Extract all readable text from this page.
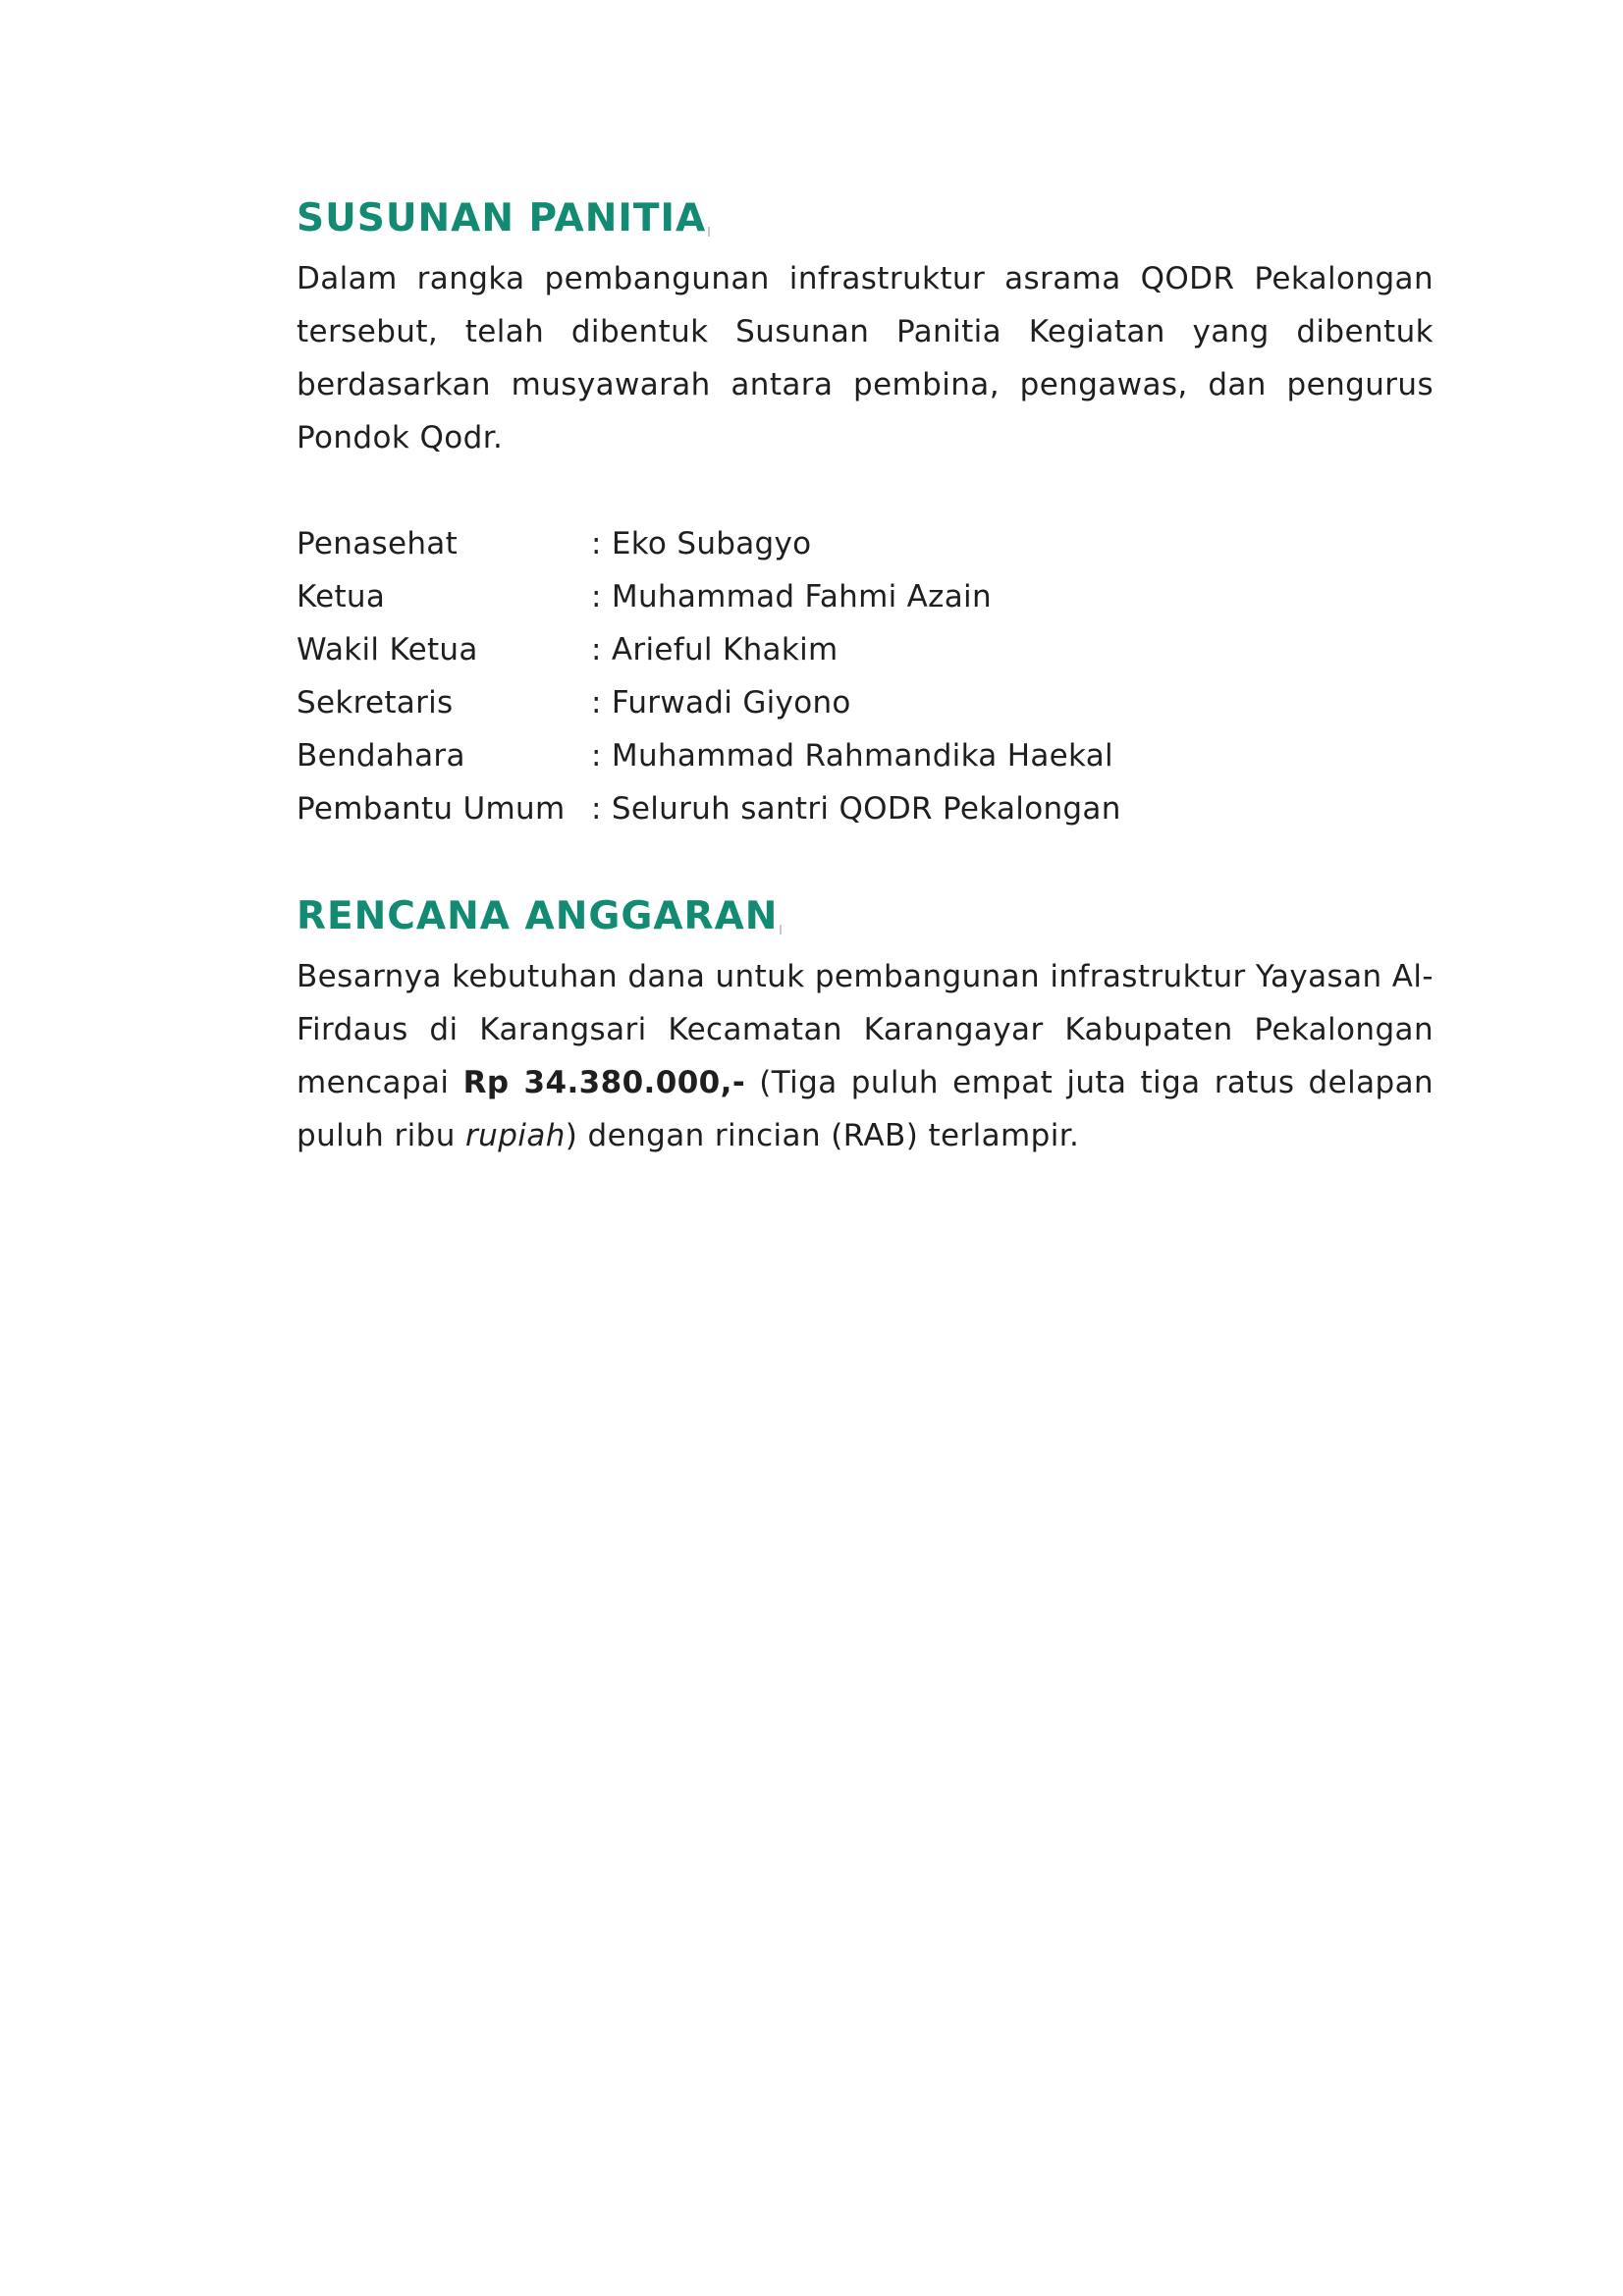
SUSUNAN PANITIA

Dalam rangka pembangunan infrastruktur asrama QODR Pekalongan tersebut, telah dibentuk Susunan Panitia Kegiatan yang dibentuk berdasarkan musyawarah antara pembina, pengawas, dan pengurus Pondok Qodr.

Penasehat	: Eko Subagyo
Ketua	: Muhammad Fahmi Azain
Wakil Ketua	: Arieful Khakim
Sekretaris	: Furwadi Giyono
Bendahara	: Muhammad Rahmandika Haekal
Pembantu Umum : Seluruh santri QODR Pekalongan
RENCANA ANGGARAN

Besarnya kebutuhan dana untuk pembangunan infrastruktur Yayasan Al-Firdaus di Karangsari Kecamatan Karangayar Kabupaten Pekalongan mencapai Rp 34.380.000,- (Tiga puluh empat juta tiga ratus delapan puluh ribu rupiah) dengan rincian (RAB) terlampir.
